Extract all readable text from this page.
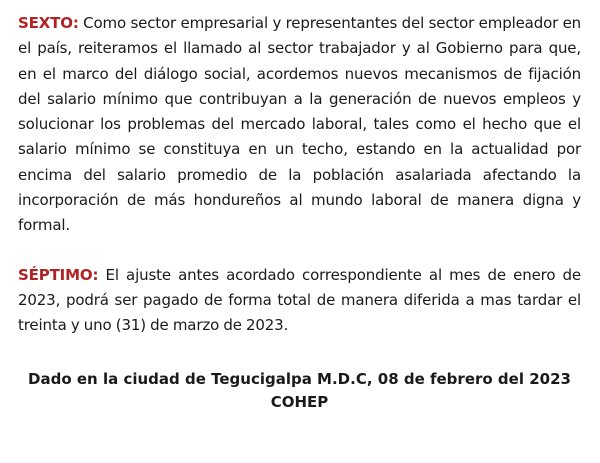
SEXTO: Como sector empresarial y representantes del sector empleador en el país, reiteramos el llamado al sector trabajador y al Gobierno para que, en el marco del diálogo social, acordemos nuevos mecanismos de fijación del salario mínimo que contribuyan a la generación de nuevos empleos y solucionar los problemas del mercado laboral, tales como el hecho que el salario mínimo se constituya en un techo, estando en la actualidad por encima del salario promedio de la población asalariada afectando la incorporación de más hondureños al mundo laboral de manera digna y formal.

SÉPTIMO: El ajuste antes acordado correspondiente al mes de enero de 2023, podrá ser pagado de forma total de manera diferida a mas tardar el treinta y uno (31) de marzo de 2023.

Dado en la ciudad de Tegucigalpa M.D.C, 08 de febrero del 2023
COHEP
